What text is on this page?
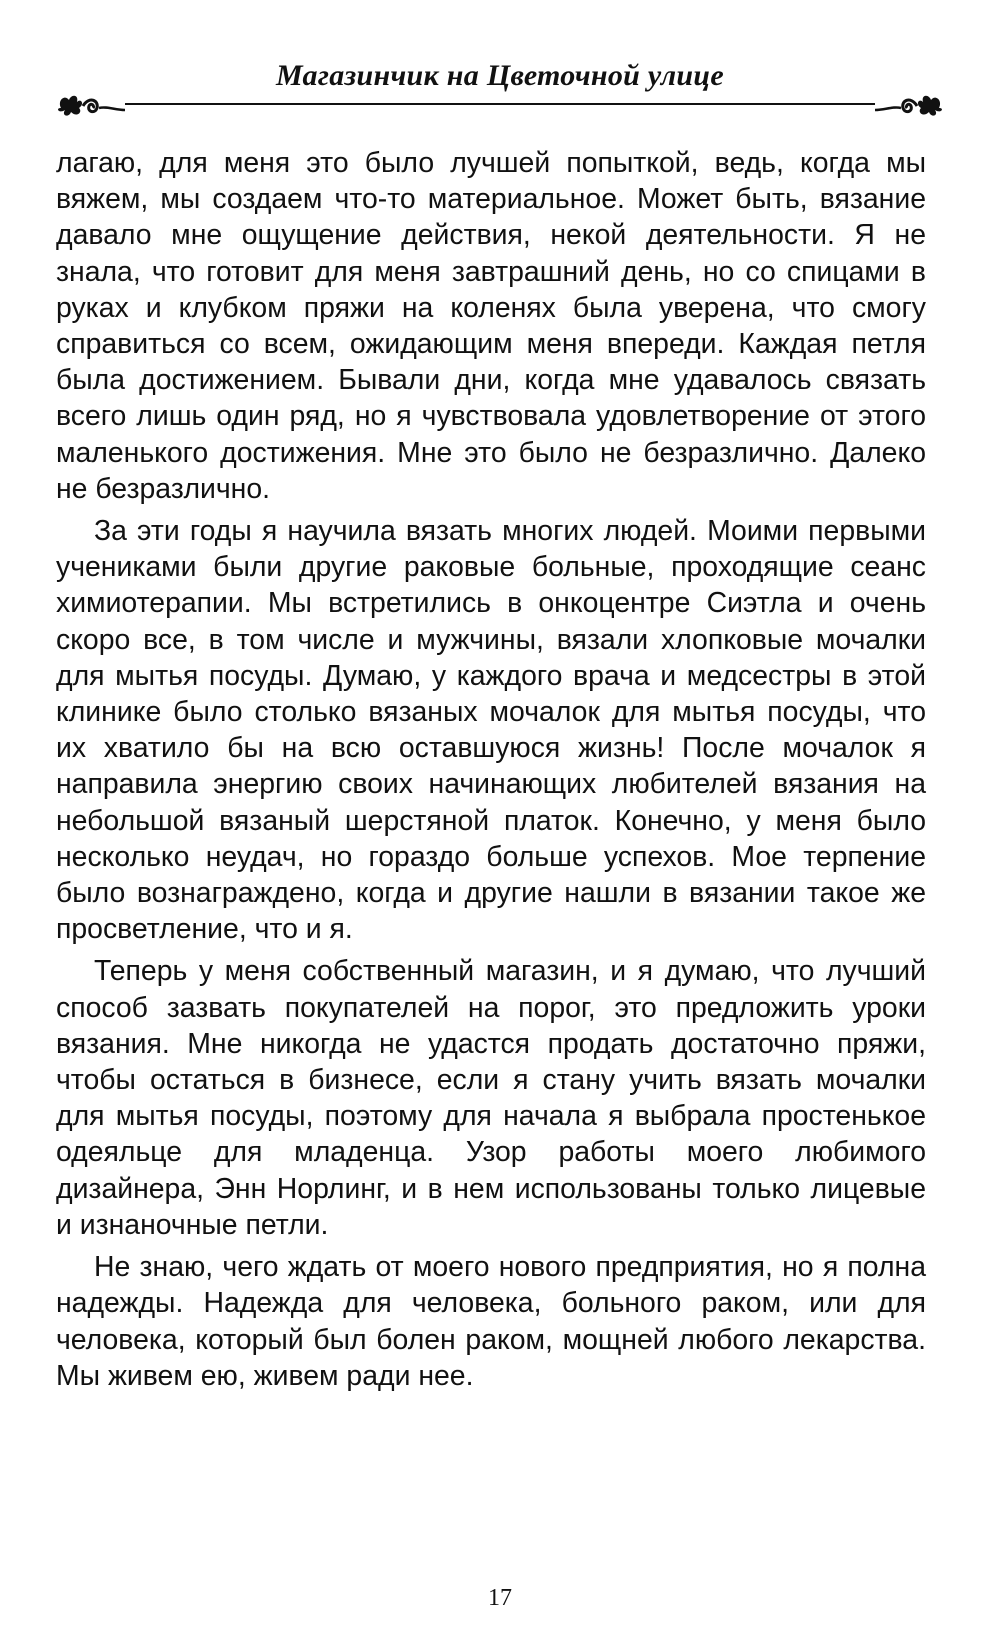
Магазинчик на Цветочной улице

лагаю, для меня это было лучшей попыткой, ведь, когда мы вяжем, мы создаем что-то материальное. Может быть, вязание давало мне ощущение действия, некой деятельности. Я не знала, что готовит для меня завтрашний день, но со спицами в руках и клубком пряжи на коленях была уверена, что смогу справиться со всем, ожидающим меня впереди. Каждая петля была достижением. Бывали дни, когда мне удавалось связать всего лишь один ряд, но я чувствовала удовлетворение от этого маленького достижения. Мне это было не безразлично. Далеко не безразлично.

За эти годы я научила вязать многих людей. Моими первыми учениками были другие раковые больные, проходящие сеанс химиотерапии. Мы встретились в онкоцентре Сиэтла и очень скоро все, в том числе и мужчины, вязали хлопковые мочалки для мытья посуды. Думаю, у каждого врача и медсестры в этой клинике было столько вязаных мочалок для мытья посуды, что их хватило бы на всю оставшуюся жизнь! После мочалок я направила энергию своих начинающих любителей вязания на небольшой вязаный шерстяной платок. Конечно, у меня было несколько неудач, но гораздо больше успехов. Мое терпение было вознаграждено, когда и другие нашли в вязании такое же просветление, что и я.

Теперь у меня собственный магазин, и я думаю, что лучший способ зазвать покупателей на порог, это предложить уроки вязания. Мне никогда не удастся продать достаточно пряжи, чтобы остаться в бизнесе, если я стану учить вязать мочалки для мытья посуды, поэтому для начала я выбрала простенькое одеяльце для младенца. Узор работы моего любимого дизайнера, Энн Норлинг, и в нем использованы только лицевые и изнаночные петли.

Не знаю, чего ждать от моего нового предприятия, но я полна надежды. Надежда для человека, больного раком, или для человека, который был болен раком, мощней любого лекарства. Мы живем ею, живем ради нее.

17
